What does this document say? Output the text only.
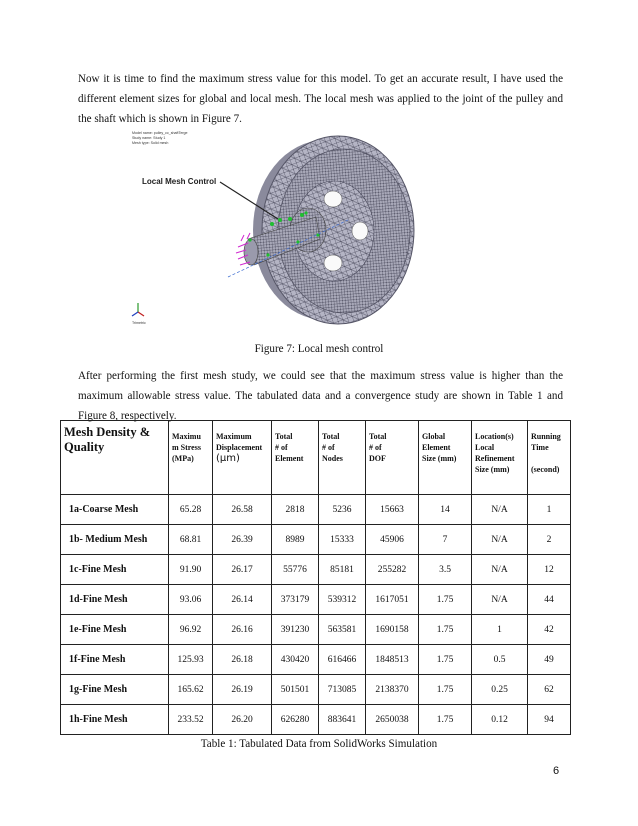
Now it is time to find the maximum stress value for this model. To get an accurate result, I have used the different element sizes for global and local mesh. The local mesh was applied to the joint of the pulley and the shaft which is shown in Figure 7.

Model name: pulley_cc_shaftTerge
Study name: Study 1
Mesh type: Solid mesh
Local Mesh Control
Trimetric

Figure 7: Local mesh control

After performing the first mesh study, we could see that the maximum stress value is higher than the maximum allowable stress value. The tabulated data and a convergence study are shown in Table 1 and Figure 8, respectively.

Mesh Density & Quality	Maximu
m Stress
(MPa)	Maximum
Displacement
(µm)	Total
# of
Element	Total
# of
Nodes	Total
# of
DOF	Global
Element
Size (mm)	Location(s)
Local
Refinement
Size (mm)	Running
Time

(second)
1a-Coarse Mesh	65.28	26.58	2818	5236	15663	14	N/A	1
1b- Medium Mesh	68.81	26.39	8989	15333	45906	7	N/A	2
1c-Fine Mesh	91.90	26.17	55776	85181	255282	3.5	N/A	12
1d-Fine Mesh	93.06	26.14	373179	539312	1617051	1.75	N/A	44
1e-Fine Mesh	96.92	26.16	391230	563581	1690158	1.75	1	42
1f-Fine Mesh	125.93	26.18	430420	616466	1848513	1.75	0.5	49
1g-Fine Mesh	165.62	26.19	501501	713085	2138370	1.75	0.25	62
1h-Fine Mesh	233.52	26.20	626280	883641	2650038	1.75	0.12	94

Table 1: Tabulated Data from SolidWorks Simulation

6
